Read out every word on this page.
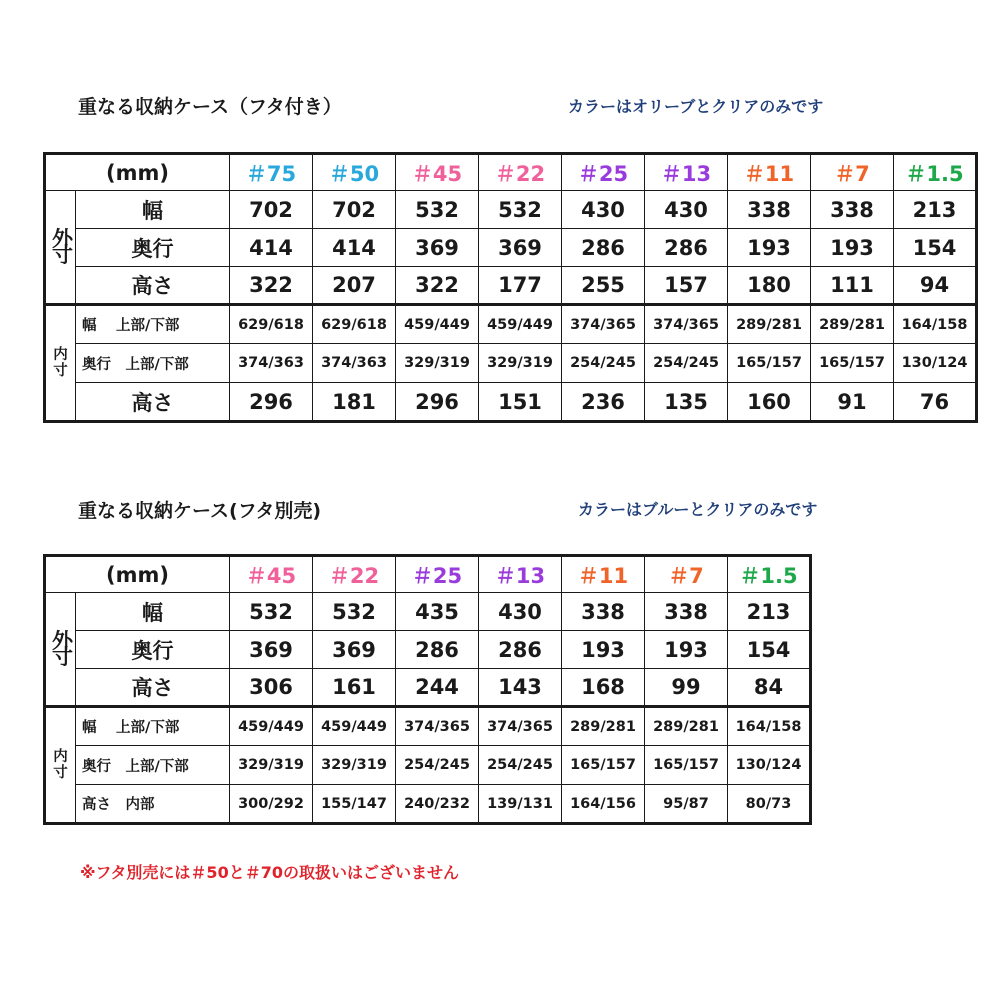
重なる収納ケース（フタ付き）	カラーはオリーブとクリアのみです
(mm)		＃75	＃50	＃45	＃22	＃25	＃13	＃11	＃7	＃1.5
外寸	幅	702	702	532	532	430	430	338	338	213
	奥行	414	414	369	369	286	286	193	193	154
	高さ	322	207	322	177	255	157	180	111	94
内寸	幅　 上部/下部	629/618	629/618	459/449	459/449	374/365	374/365	289/281	289/281	164/158
	奥行　上部/下部	374/363	374/363	329/319	329/319	254/245	254/245	165/157	165/157	130/124
	高さ	296	181	296	151	236	135	160	91	76
重なる収納ケース(フタ別売)	カラーはブルーとクリアのみです
(mm)		＃45	＃22	＃25	＃13	＃11	＃7	＃1.5
外寸	幅	532	532	435	430	338	338	213
	奥行	369	369	286	286	193	193	154
	高さ	306	161	244	143	168	99	84
内寸	幅　 上部/下部	459/449	459/449	374/365	374/365	289/281	289/281	164/158
	奥行　上部/下部	329/319	329/319	254/245	254/245	165/157	165/157	130/124
	高さ　内部	300/292	155/147	240/232	139/131	164/156	95/87	80/73
※フタ別売には＃50と＃70の取扱いはございません
